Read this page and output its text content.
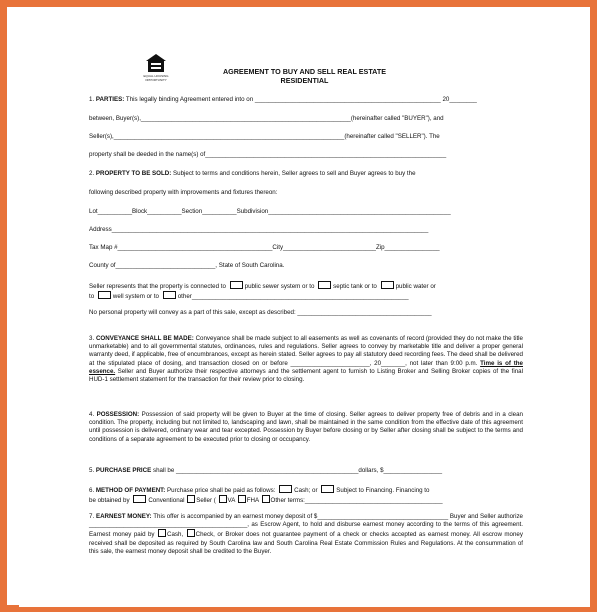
EQUAL HOUSING OPPORTUNITY
AGREEMENT TO BUY AND SELL REAL ESTATE
RESIDENTIAL
1. PARTIES: This legally binding Agreement entered into on ______________________________________________________ 20________
between, Buyer(s),_____________________________________________________________(hereinafter called "BUYER"), and
Seller(s),___________________________________________________________________(hereinafter called "SELLER"). The
property shall be deeded in the name(s) of______________________________________________________________________
2. PROPERTY TO BE SOLD: Subject to terms and conditions herein, Seller agrees to sell and Buyer agrees to buy the
following described property with improvements and fixtures thereon:
Lot__________Block__________Section__________Subdivision_____________________________________________________
Address____________________________________________________________________________________________
Tax Map #_____________________________________________City___________________________Zip________________
County of_____________________________, State of South Carolina.
Seller represents that the property is connected to	public sewer system or to	septic tank or to	public water or
to	well system or to	other_______________________________________________________________
No personal property will convey as a part of this sale, except as described: _______________________________________
3. CONVEYANCE SHALL BE MADE: Conveyance shall be made subject to all easements as well as covenants of record (provided they do not make the title unmarketable) and to all governmental statutes, ordinances, rules and regulations. Seller agrees to convey by marketable title and deliver a proper general warranty deed, if applicable, free of encumbrances, except as herein stated. Seller agrees to pay all statutory deed recording fees. The deed shall be delivered at the stipulated place of dosing, and transaction closed on or before _______________________, 20_______, not later than 9:00 p.m. Time is of the essence. Seller and Buyer authorize their respective attorneys and the settlement agent to furnish to Listing Broker and Selling Broker copies of the final HUD-1 settlement statement for the transaction for their review prior to closing.
4. POSSESSION: Possession of said property will be given to Buyer at the time of closing. Seller agrees to deliver property free of debris and in a clean condition. The property, including but not limited to, landscaping and lawn, shall be maintained in the same condition from the effective date of this agreement until possession is delivered, ordinary wear and tear excepted. Possession by Buyer before closing or by Seller after closing shall be subject to the terms and conditions of a separate agreement to be executed prior to closing or occupancy.
5. PURCHASE PRICE shall be _____________________________________________________dollars, $_________________
6. METHOD OF PAYMENT: Purchase price shall be paid as follows:	Cash; or	Subject to Financing. Financing to
be obtained by	Conventional Seller ( VA FHA Other terms:________________________________________
7. EARNEST MONEY: This offer is accompanied by an earnest money deposit of $______________________________________ Buyer and Seller authorize ______________________________________________, as Escrow Agent, to hold and disburse earnest money according to the terms of this agreement. Earnest money paid by Cash, Check, or Broker does not guarantee payment of a check or checks accepted as earnest money. All escrow money received shall be deposited as required by South Carolina law and South Carolina Real Estate Commission Rules and Regulations. At the consummation of this sale, the earnest money deposit shall be credited to the Buyer.
